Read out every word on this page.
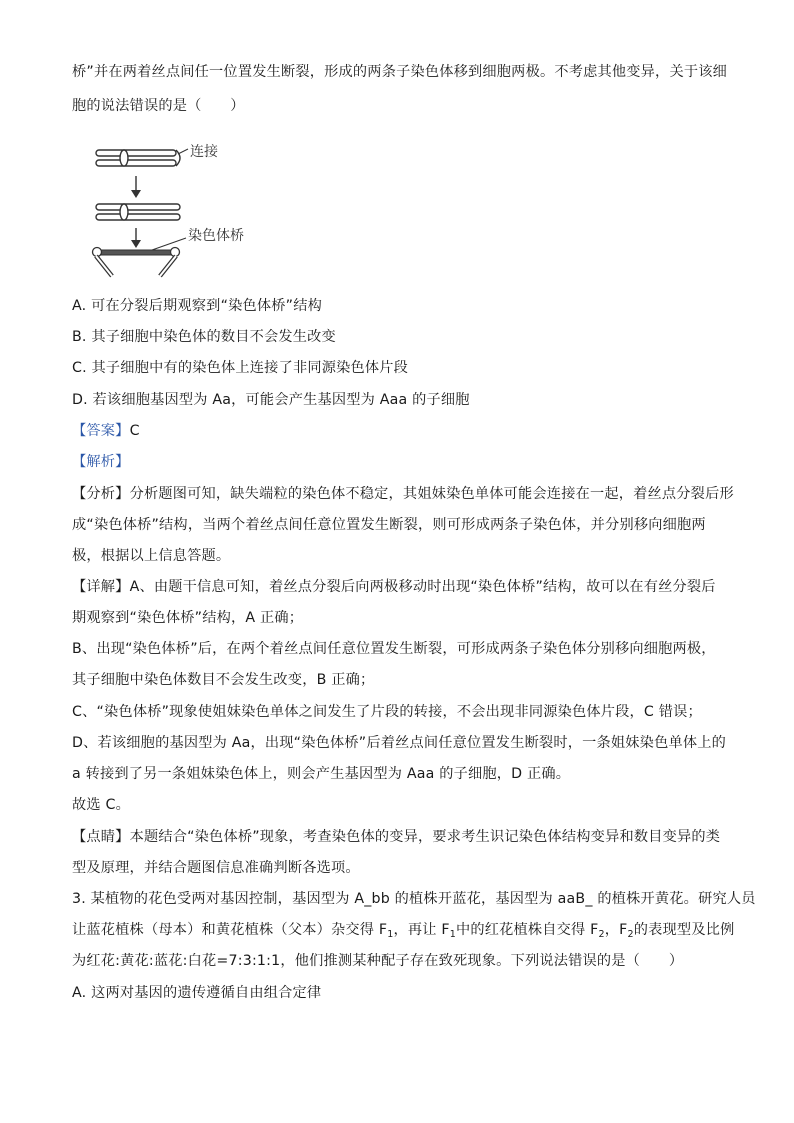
桥”并在两着丝点间任一位置发生断裂，形成的两条子染色体移到细胞两极。不考虑其他变异，关于该细
胞的说法错误的是（　　）
连接
染色体桥
A. 可在分裂后期观察到“染色体桥”结构
B. 其子细胞中染色体的数目不会发生改变
C. 其子细胞中有的染色体上连接了非同源染色体片段
D. 若该细胞基因型为 Aa，可能会产生基因型为 Aaa 的子细胞
【答案】C
【解析】
【分析】分析题图可知，缺失端粒的染色体不稳定，其姐妹染色单体可能会连接在一起，着丝点分裂后形
成“染色体桥”结构，当两个着丝点间任意位置发生断裂，则可形成两条子染色体，并分别移向细胞两
极，根据以上信息答题。
【详解】A、由题干信息可知，着丝点分裂后向两极移动时出现“染色体桥”结构，故可以在有丝分裂后
期观察到“染色体桥”结构，A 正确；
B、出现“染色体桥”后，在两个着丝点间任意位置发生断裂，可形成两条子染色体分别移向细胞两极，
其子细胞中染色体数目不会发生改变，B 正确；
C、“染色体桥”现象使姐妹染色单体之间发生了片段的转接，不会出现非同源染色体片段，C 错误；
D、若该细胞的基因型为 Aa，出现“染色体桥”后着丝点间任意位置发生断裂时，一条姐妹染色单体上的
a 转接到了另一条姐妹染色体上，则会产生基因型为 Aaa 的子细胞，D 正确。
故选 C。
【点睛】本题结合“染色体桥”现象，考查染色体的变异，要求考生识记染色体结构变异和数目变异的类
型及原理，并结合题图信息准确判断各选项。
3. 某植物的花色受两对基因控制，基因型为 A_bb 的植株开蓝花，基因型为 aaB_ 的植株开黄花。研究人员
让蓝花植株（母本）和黄花植株（父本）杂交得 $F_1$，再让 $F_1$中的红花植株自交得 $F_2$，$F_2$的表现型及比例
为红花:黄花:蓝花:白花=7:3:1:1，他们推测某种配子存在致死现象。下列说法错误的是（　　）
A. 这两对基因的遗传遵循自由组合定律
